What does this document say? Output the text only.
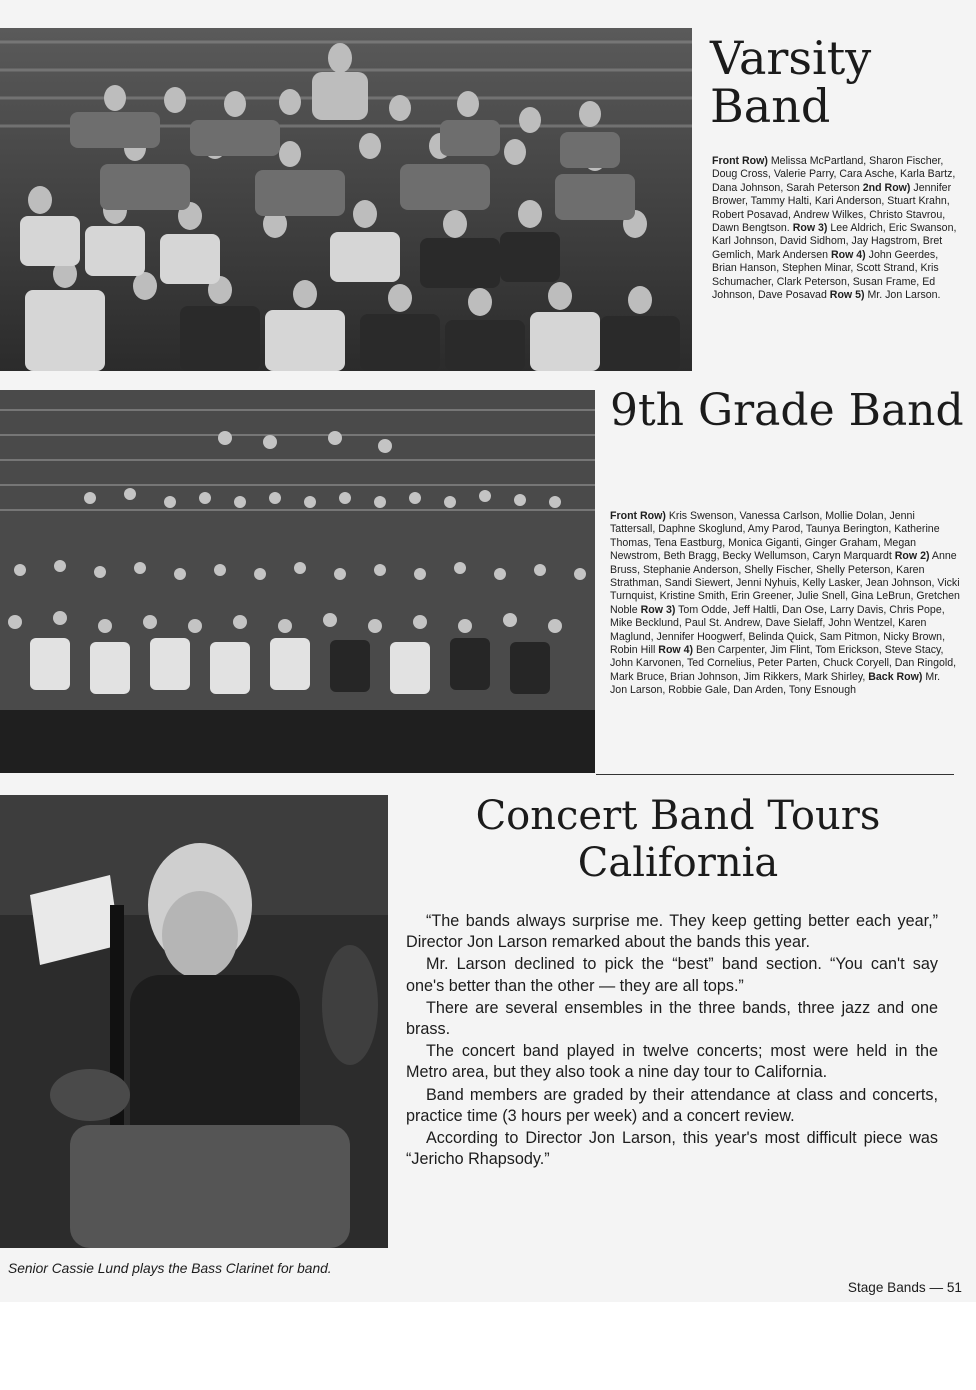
Varsity Band

Front Row) Melissa McPartland, Sharon Fischer, Doug Cross, Valerie Parry, Cara Asche, Karla Bartz, Dana Johnson, Sarah Peterson 2nd Row) Jennifer Brower, Tammy Halti, Kari Anderson, Stuart Krahn, Robert Posavad, Andrew Wilkes, Christo Stavrou, Dawn Bengtson. Row 3) Lee Aldrich, Eric Swanson, Karl Johnson, David Sidhom, Jay Hagstrom, Bret Gemlich, Mark Andersen Row 4) John Geerdes, Brian Hanson, Stephen Minar, Scott Strand, Kris Schumacher, Clark Peterson, Susan Frame, Ed Johnson, Dave Posavad Row 5) Mr. Jon Larson.

9th Grade Band

Front Row) Kris Swenson, Vanessa Carlson, Mollie Dolan, Jenni Tattersall, Daphne Skoglund, Amy Parod, Taunya Berington, Katherine Thomas, Tena Eastburg, Monica Giganti, Ginger Graham, Megan Newstrom, Beth Bragg, Becky Wellumson, Caryn Marquardt Row 2) Anne Bruss, Stephanie Anderson, Shelly Fischer, Shelly Peterson, Karen Strathman, Sandi Siewert, Jenni Nyhuis, Kelly Lasker, Jean Johnson, Vicki Turnquist, Kristine Smith, Erin Greener, Julie Snell, Gina LeBrun, Gretchen Noble Row 3) Tom Odde, Jeff Haltli, Dan Ose, Larry Davis, Chris Pope, Mike Becklund, Paul St. Andrew, Dave Sielaff, John Wentzel, Karen Maglund, Jennifer Hoogwerf, Belinda Quick, Sam Pitmon, Nicky Brown, Robin Hill Row 4) Ben Carpenter, Jim Flint, Tom Erickson, Steve Stacy, John Karvonen, Ted Cornelius, Peter Parten, Chuck Coryell, Dan Ringold, Mark Bruce, Brian Johnson, Jim Rikkers, Mark Shirley, Back Row) Mr. Jon Larson, Robbie Gale, Dan Arden, Tony Esnough

Concert Band Tours California

“The bands always surprise me. They keep getting better each year,” Director Jon Larson remarked about the bands this year.

Mr. Larson declined to pick the “best” band section. “You can't say one's better than the other — they are all tops.”

There are several ensembles in the three bands, three jazz and one brass.

The concert band played in twelve concerts; most were held in the Metro area, but they also took a nine day tour to California.

Band members are graded by their attendance at class and concerts, practice time (3 hours per week) and a concert review.

According to Director Jon Larson, this year's most difficult piece was “Jericho Rhapsody.”

Senior Cassie Lund plays the Bass Clarinet for band.
Stage Bands — 51
